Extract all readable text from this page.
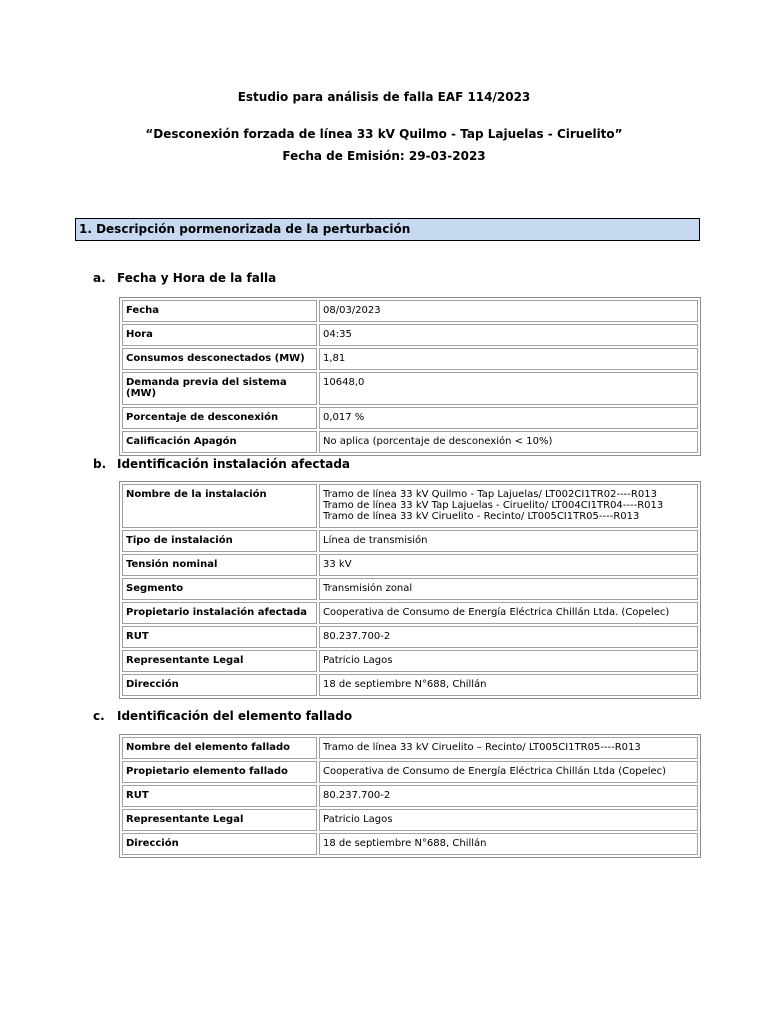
Estudio para análisis de falla EAF 114/2023
“Desconexión forzada de línea 33 kV Quilmo - Tap Lajuelas - Ciruelito”
Fecha de Emisión: 29-03-2023
1. Descripción pormenorizada de la perturbación
a. Fecha y Hora de la falla
Fecha	08/03/2023
Hora	04:35
Consumos desconectados (MW)	1,81
Demanda previa del sistema (MW)	10648,0
Porcentaje de desconexión	0,017 %
Calificación Apagón	No aplica (porcentaje de desconexión < 10%)
b. Identificación instalación afectada
Nombre de la instalación	Tramo de línea 33 kV Quilmo - Tap Lajuelas/ LT002CI1TR02----R013
Tramo de línea 33 kV Tap Lajuelas - Ciruelito/ LT004CI1TR04----R013
Tramo de línea 33 kV Ciruelito - Recinto/ LT005CI1TR05----R013

Tipo de instalación	Línea de transmisión
Tensión nominal	33 kV
Segmento	Transmisión zonal
Propietario instalación afectada	Cooperativa de Consumo de Energía Eléctrica Chillán Ltda. (Copelec)
RUT	80.237.700-2
Representante Legal	Patricio Lagos
Dirección	18 de septiembre N°688, Chillán
c. Identificación del elemento fallado
Nombre del elemento fallado	Tramo de línea 33 kV Ciruelito – Recinto/ LT005CI1TR05----R013
Propietario elemento fallado	Cooperativa de Consumo de Energía Eléctrica Chillán Ltda (Copelec)
RUT	80.237.700-2
Representante Legal	Patricio Lagos
Dirección	18 de septiembre N°688, Chillán
